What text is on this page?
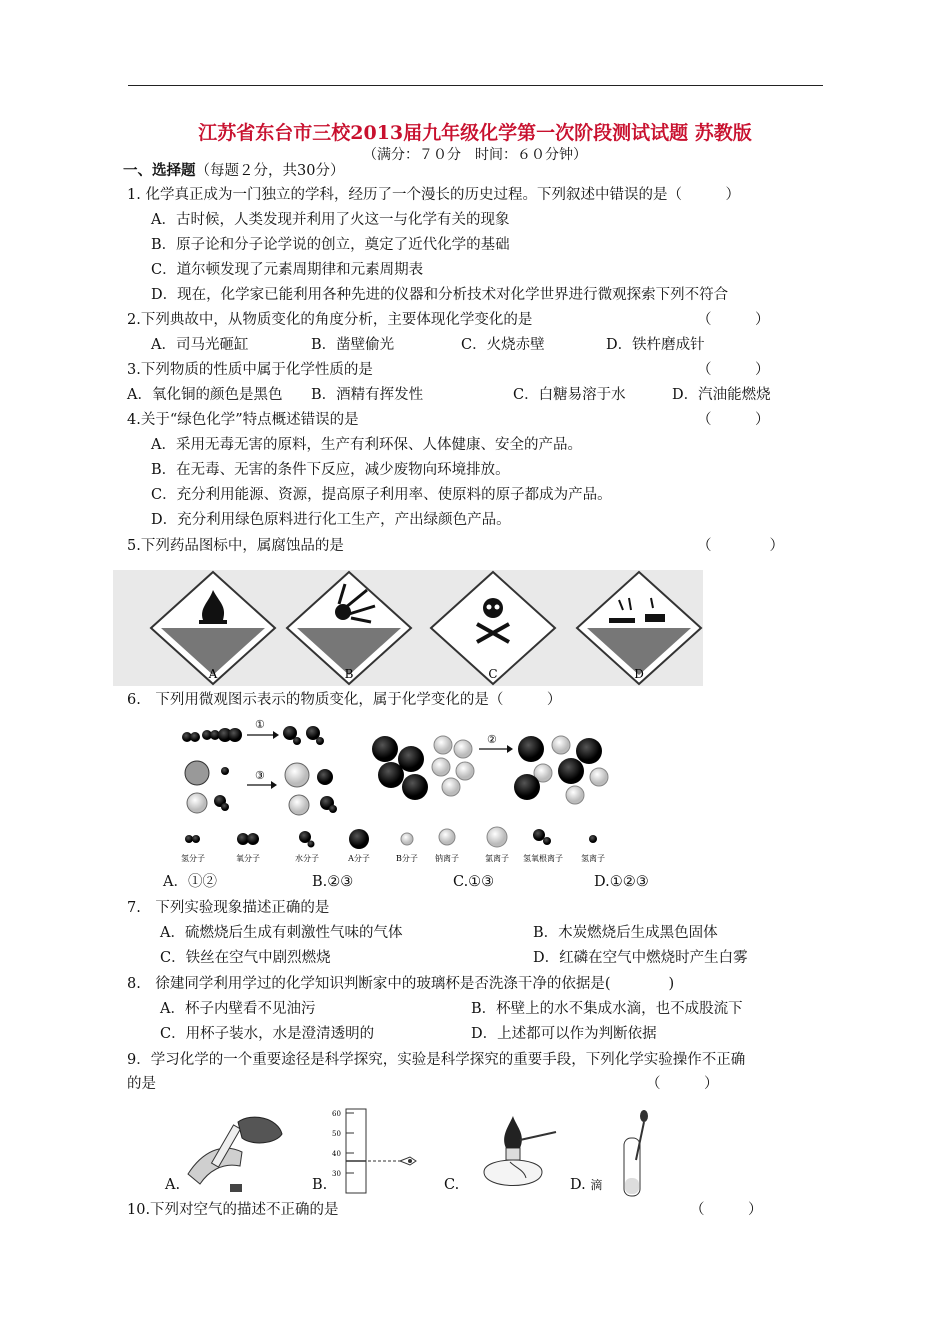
江苏省东台市三校2013届九年级化学第一次阶段测试试题 苏教版
（满分：７０分　时间：６０分钟）
一、选择题（每题２分，共30分）
1. 化学真正成为一门独立的学科，经历了一个漫长的历史过程。下列叙述中错误的是（　　　）
A．古时候，人类发现并利用了火这一与化学有关的现象
B．原子论和分子论学说的创立，奠定了近代化学的基础
C．道尔顿发现了元素周期律和元素周期表
D．现在，化学家已能利用各种先进的仪器和分析技术对化学世界进行微观探索下列不符合
2.下列典故中，从物质变化的角度分析，主要体现化学变化的是	（　　　）
A．司马光砸缸	B．凿壁偷光	C．火烧赤壁	D．铁杵磨成针
3.下列物质的性质中属于化学性质的是	（　　　）
A．氧化铜的颜色是黑色 B．酒精有挥发性	C．白糖易溶于水	D．汽油能燃烧
4.关于“绿色化学”特点概述错误的是	（　　　）
A．采用无毒无害的原料，生产有利环保、人体健康、安全的产品。
B．在无毒、无害的条件下反应，减少废物向环境排放。
C．充分利用能源、资源，提高原子利用率、使原料的原子都成为产品。
D．充分利用绿色原料进行化工生产，产出绿颜色产品。
5.下列药品图标中，属腐蚀品的是	（　　　　）
A	B	C	D
6.　下列用微观图示表示的物质变化，属于化学变化的是（　　　）
①
③
②
氢分子	氧分子	水分子	A分子	B分子 钠离子	氯离子 氢氧根离子 氢离子
A．①②	B.②③	C.①③	D.①②③
7.　下列实验现象描述正确的是
A．硫燃烧后生成有刺激性气味的气体	B．木炭燃烧后生成黑色固体
C．铁丝在空气中剧烈燃烧	D．红磷在空气中燃烧时产生白雾
8.　徐建同学利用学过的化学知识判断家中的玻璃杯是否洗涤干净的依据是(　　　　)
A．杯子内壁看不见油污	B．杯壁上的水不集成水滴，也不成股流下
C．用杯子装水，水是澄清透明的	D．上述都可以作为判断依据
9．学习化学的一个重要途径是科学探究，实验是科学探究的重要手段，下列化学实验操作不正确
的是	（　　　）
A.	B.
60
50
40
30
C.	D. 滴
10.下列对空气的描述不正确的是	（　　　）
